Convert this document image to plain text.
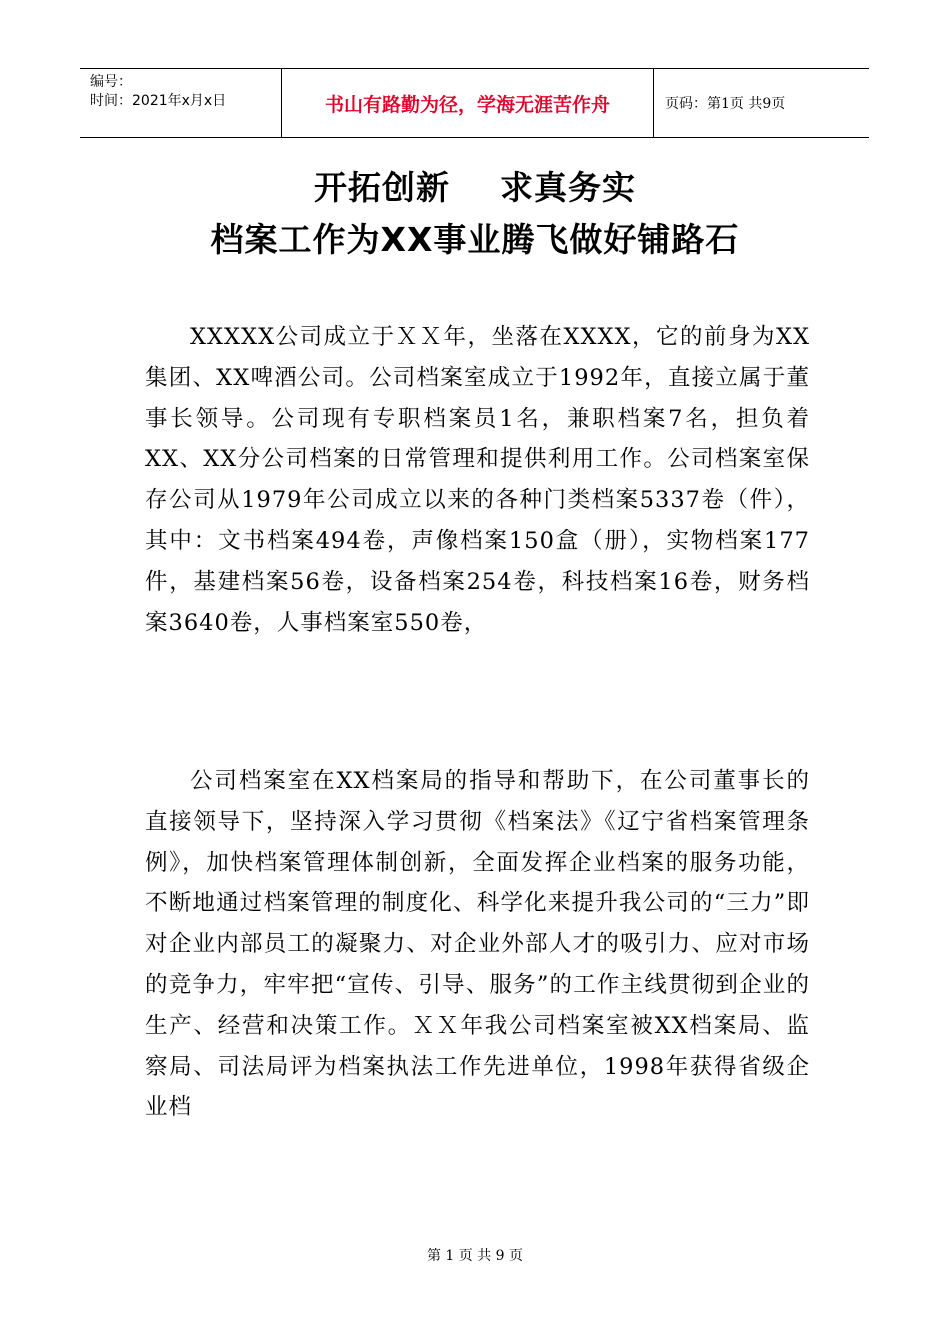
编号：
时间：2021年x月x日	书山有路勤为径，学海无涯苦作舟	页码：第1页 共9页
开拓创新 求真务实
档案工作为XX事业腾飞做好铺路石

XXXXX公司成立于ＸＸ年，坐落在XXXX，它的前身为XX集团、XX啤酒公司。公司档案室成立于1992年，直接立属于董事长领导。公司现有专职档案员1名，兼职档案7名，担负着XX、XX分公司档案的日常管理和提供利用工作。公司档案室保存公司从1979年公司成立以来的各种门类档案5337卷（件），其中：文书档案494卷，声像档案150盒（册），实物档案177件，基建档案56卷，设备档案254卷，科技档案16卷，财务档案3640卷，人事档案室550卷，

公司档案室在XX档案局的指导和帮助下，在公司董事长的直接领导下，坚持深入学习贯彻《档案法》《辽宁省档案管理条例》，加快档案管理体制创新，全面发挥企业档案的服务功能，不断地通过档案管理的制度化、科学化来提升我公司的“三力”即对企业内部员工的凝聚力、对企业外部人才的吸引力、应对市场的竞争力，牢牢把“宣传、引导、服务”的工作主线贯彻到企业的生产、经营和决策工作。ＸＸ年我公司档案室被XX档案局、监察局、司法局评为档案执法工作先进单位，1998年获得省级企业档

第 1 页 共 9 页
